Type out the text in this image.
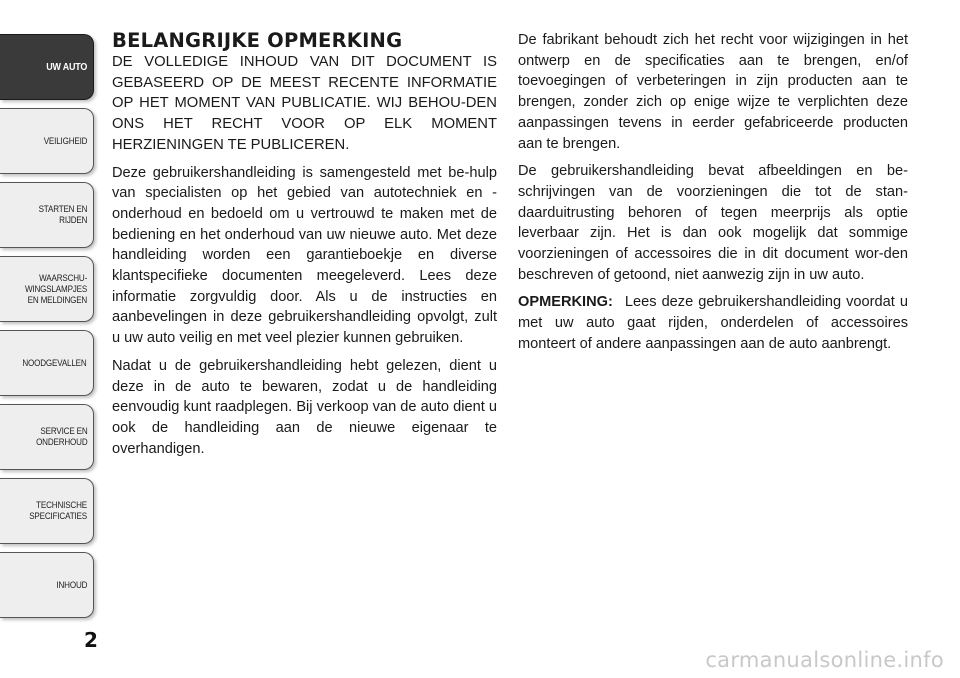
UW AUTO
VEILIGHEID
STARTEN EN
RIJDEN
WAARSCHU-
WINGSLAMPJES
EN MELDINGEN
NOODGEVALLEN
SERVICE EN
ONDERHOUD
TECHNISCHE
SPECIFICATIES
INHOUD
2
BELANGRIJKE OPMERKING

DE VOLLEDIGE INHOUD VAN DIT DOCUMENT IS GEBASEERD OP DE MEEST RECENTE INFORMATIE OP HET MOMENT VAN PUBLICATIE. WIJ BEHOU-DEN ONS HET RECHT VOOR OP ELK MOMENT HERZIENINGEN TE PUBLICEREN.

Deze gebruikershandleiding is samengesteld met be-hulp van specialisten op het gebied van autotechniek en -onderhoud en bedoeld om u vertrouwd te maken met de bediening en het onderhoud van uw nieuwe auto. Met deze handleiding worden een garantieboekje en diverse klantspecifieke documenten meegeleverd. Lees deze informatie zorgvuldig door. Als u de instructies en aanbevelingen in deze gebruikershandleiding opvolgt, zult u uw auto veilig en met veel plezier kunnen gebruiken.

Nadat u de gebruikershandleiding hebt gelezen, dient u deze in de auto te bewaren, zodat u de handleiding eenvoudig kunt raadplegen. Bij verkoop van de auto dient u ook de handleiding aan de nieuwe eigenaar te overhandigen.

De fabrikant behoudt zich het recht voor wijzigingen in het ontwerp en de specificaties aan te brengen, en/of toevoegingen of verbeteringen in zijn producten aan te brengen, zonder zich op enige wijze te verplichten deze aanpassingen tevens in eerder gefabriceerde producten aan te brengen.

De gebruikershandleiding bevat afbeeldingen en be-schrijvingen van de voorzieningen die tot de stan-daarduitrusting behoren of tegen meerprijs als optie leverbaar zijn. Het is dan ook mogelijk dat sommige voorzieningen of accessoires die in dit document wor-den beschreven of getoond, niet aanwezig zijn in uw auto.

OPMERKING: Lees deze gebruikershandleiding voordat u met uw auto gaat rijden, onderdelen of accessoires monteert of andere aanpassingen aan de auto aanbrengt.

carmanualsonline.info
